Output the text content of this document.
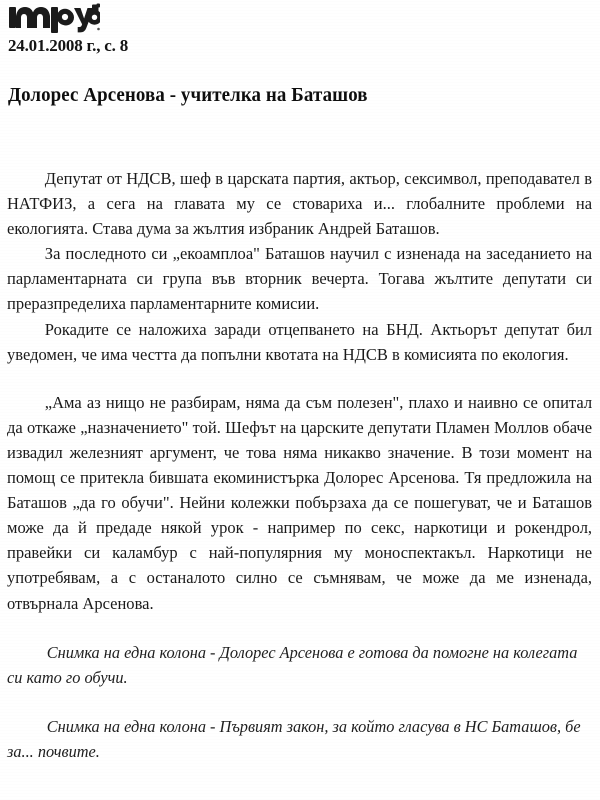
24.01.2008 г., с. 8
Долорес Арсенова - учителка на Баташов

Депутат от НДСВ, шеф в царската партия, актьор, сексимвол, преподавател в НАТФИЗ, а сега на главата му се стовариха и... глобалните проблеми на екологията. Става дума за жълтия избраник Андрей Баташов.

За последното си „екоамплоа" Баташов научил с изненада на заседанието на парламентарната си група във вторник вечерта. Тогава жълтите депутати си преразпределиха парламентарните комисии.

Рокадите се наложиха заради отцепването на БНД. Актьорът депутат бил уведомен, че има честта да попълни квотата на НДСВ в комисията по екология.

„Ама аз нищо не разбирам, няма да съм полезен", плахо и наивно се опитал да откаже „назначението" той. Шефът на царските депутати Пламен Моллов обаче извадил железният аргумент, че това няма никакво значение. В този момент на помощ се притекла бившата екоминистърка Долорес Арсенова. Тя предложила на Баташов „да го обучи". Нейни колежки побързаха да се пошегуват, че и Баташов може да й предаде някой урок - например по секс, наркотици и рокендрол, правейки си каламбур с най-популярния му моноспектакъл. Наркотици не употребявам, а с останалото силно се съмнявам, че може да ме изненада, отвърнала Арсенова.

Снимка на една колона - Долорес Арсенова е готова да помогне на колегата си като го обучи.

Снимка на една колона - Първият закон, за който гласува в НС Баташов, бе за... почвите.
